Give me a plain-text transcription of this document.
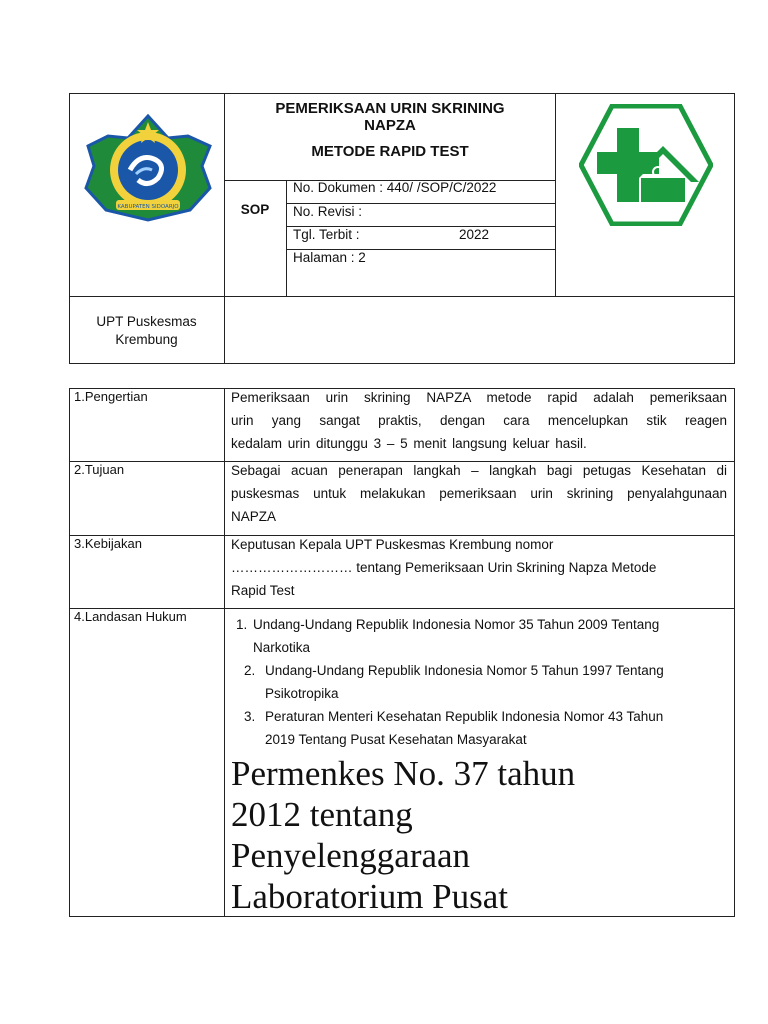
KABUPATEN SIDOARJO
PEMERIKSAAN URIN SKRINING
NAPZA
METODE RAPID TEST
SOP
No. Dokumen : 440/ /SOP/C/2022
No. Revisi :
Tgl. Terbit :	2022
Halaman : 2
UPT Puskesmas
Krembung
1.Pengertian	Pemeriksaan urin skrining NAPZA metode rapid adalah pemeriksaan
urin yang sangat praktis, dengan cara mencelupkan stik reagen
kedalam urin ditunggu 3 – 5 menit langsung keluar hasil.
2.Tujuan	Sebagai acuan penerapan langkah – langkah bagi petugas Kesehatan di
puskesmas untuk melakukan pemeriksaan urin skrining penyalahgunaan
NAPZA
3.Kebijakan	Keputusan Kepala UPT Puskesmas Krembung nomor
……………………… tentang Pemeriksaan Urin Skrining Napza Metode
Rapid Test
4.Landasan Hukum
1. Undang-Undang Republik Indonesia Nomor 35 Tahun 2009 Tentang
Narkotika
2. Undang-Undang Republik Indonesia Nomor 5 Tahun 1997 Tentang
Psikotropika
3. Peraturan Menteri Kesehatan Republik Indonesia Nomor 43 Tahun
2019 Tentang Pusat Kesehatan Masyarakat
Permenkes No. 37 tahun
2012 tentang
Penyelenggaraan
Laboratorium Pusat
